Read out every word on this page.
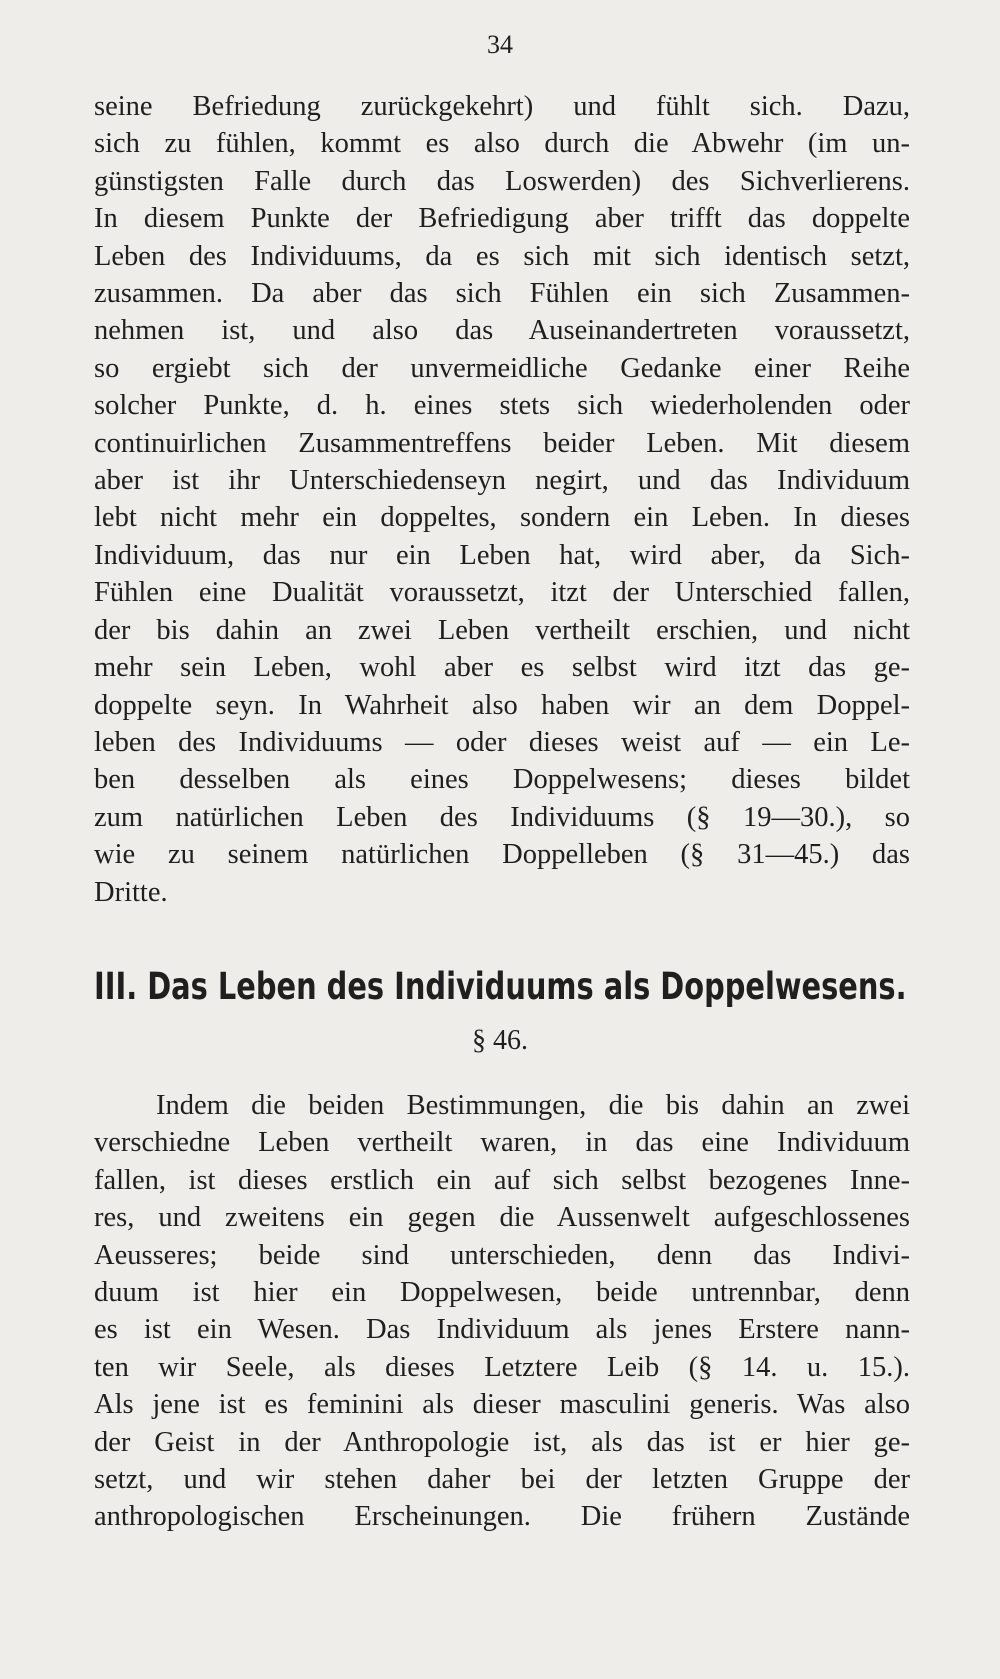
34
seine Befriedung zurückgekehrt) und fühlt sich. Dazu,
sich zu fühlen, kommt es also durch die Abwehr (im un-
günstigsten Falle durch das Loswerden) des Sichverlierens.
In diesem Punkte der Befriedigung aber trifft das doppelte
Leben des Individuums, da es sich mit sich identisch setzt,
zusammen. Da aber das sich Fühlen ein sich Zusammen-
nehmen ist, und also das Auseinandertreten voraussetzt,
so ergiebt sich der unvermeidliche Gedanke einer Reihe
solcher Punkte, d. h. eines stets sich wiederholenden oder
continuirlichen Zusammentreffens beider Leben. Mit diesem
aber ist ihr Unterschiedenseyn negirt, und das Individuum
lebt nicht mehr ein doppeltes, sondern ein Leben. In dieses
Individuum, das nur ein Leben hat, wird aber, da Sich-
Fühlen eine Dualität voraussetzt, itzt der Unterschied fallen,
der bis dahin an zwei Leben vertheilt erschien, und nicht
mehr sein Leben, wohl aber es selbst wird itzt das ge-
doppelte seyn. In Wahrheit also haben wir an dem Doppel-
leben des Individuums — oder dieses weist auf — ein Le-
ben desselben als eines Doppelwesens; dieses bildet
zum natürlichen Leben des Individuums (§ 19—30.), so
wie zu seinem natürlichen Doppelleben (§ 31—45.) das
Dritte.
III. Das Leben des Individuums als Doppelwesens.
§ 46.
Indem die beiden Bestimmungen, die bis dahin an zwei
verschiedne Leben vertheilt waren, in das eine Individuum
fallen, ist dieses erstlich ein auf sich selbst bezogenes Inne-
res, und zweitens ein gegen die Aussenwelt aufgeschlossenes
Aeusseres; beide sind unterschieden, denn das Indivi-
duum ist hier ein Doppelwesen, beide untrennbar, denn
es ist ein Wesen. Das Individuum als jenes Erstere nann-
ten wir Seele, als dieses Letztere Leib (§ 14. u. 15.).
Als jene ist es feminini als dieser masculini generis. Was also
der Geist in der Anthropologie ist, als das ist er hier ge-
setzt, und wir stehen daher bei der letzten Gruppe der
anthropologischen Erscheinungen. Die frühern Zustände
